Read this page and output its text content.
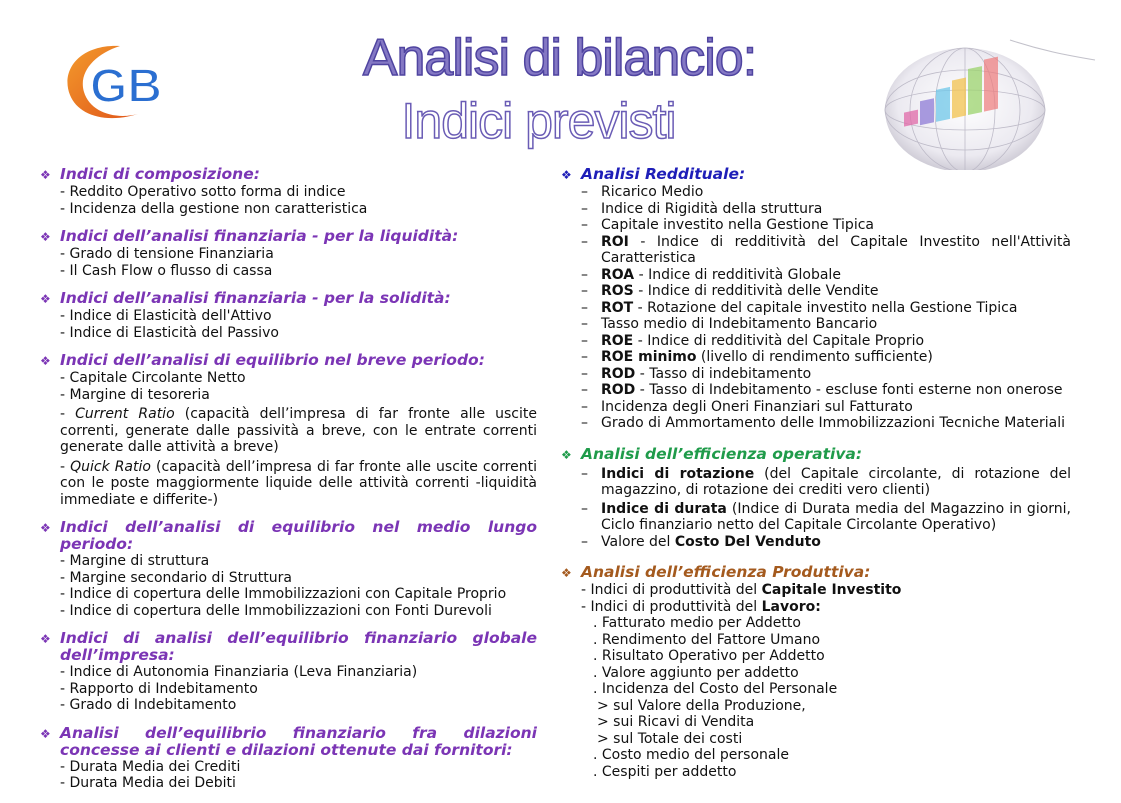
GB	Analisi di bilancio:
Indici previsti
❖ Indici di composizione:
- Reddito Operativo sotto forma di indice
- Incidenza della gestione non caratteristica
❖ Indici dell’analisi finanziaria - per la liquidità:
- Grado di tensione Finanziaria
- Il Cash Flow o flusso di cassa
❖ Indici dell’analisi finanziaria - per la solidità:
- Indice di Elasticità dell'Attivo
- Indice di Elasticità del Passivo
❖ Indici dell’analisi di equilibrio nel breve periodo:
- Capitale Circolante Netto
- Margine di tesoreria
- Current Ratio (capacità dell’impresa di far fronte alle uscite correnti, generate dalle passività a breve, con le entrate correnti generate dalle attività a breve)
- Quick Ratio (capacità dell’impresa di far fronte alle uscite correnti con le poste maggiormente liquide delle attività correnti -liquidità immediate e differite-)
❖ Indici dell’analisi di equilibrio nel medio lungo periodo:
- Margine di struttura
- Margine secondario di Struttura
- Indice di copertura delle Immobilizzazioni con Capitale Proprio
- Indice di copertura delle Immobilizzazioni con Fonti Durevoli
❖ Indici di analisi dell’equilibrio finanziario globale dell’impresa:
- Indice di Autonomia Finanziaria (Leva Finanziaria)
- Rapporto di Indebitamento
- Grado di Indebitamento
❖ Analisi dell’equilibrio finanziario fra dilazioni concesse ai clienti e dilazioni ottenute dai fornitori:
- Durata Media dei Crediti
- Durata Media dei Debiti
❖ Analisi Reddituale:
– Ricarico Medio
– Indice di Rigidità della struttura
– Capitale investito nella Gestione Tipica
– ROI - Indice di redditività del Capitale Investito nell'Attività Caratteristica
– ROA - Indice di redditività Globale
– ROS - Indice di redditività delle Vendite
– ROT - Rotazione del capitale investito nella Gestione Tipica
– Tasso medio di Indebitamento Bancario
– ROE - Indice di redditività del Capitale Proprio
– ROE minimo (livello di rendimento sufficiente)
– ROD - Tasso di indebitamento
– ROD - Tasso di Indebitamento - escluse fonti esterne non onerose
– Incidenza degli Oneri Finanziari sul Fatturato
– Grado di Ammortamento delle Immobilizzazioni Tecniche Materiali
❖ Analisi dell’efficienza operativa:
– Indici di rotazione (del Capitale circolante, di rotazione del magazzino, di rotazione dei crediti vero clienti)
– Indice di durata (Indice di Durata media del Magazzino in giorni, Ciclo finanziario netto del Capitale Circolante Operativo)
– Valore del Costo Del Venduto
❖ Analisi dell’efficienza Produttiva:
- Indici di produttività del Capitale Investito
- Indici di produttività del Lavoro:
. Fatturato medio per Addetto
. Rendimento del Fattore Umano
. Risultato Operativo per Addetto
. Valore aggiunto per addetto
. Incidenza del Costo del Personale
> sul Valore della Produzione,
> sui Ricavi di Vendita
> sul Totale dei costi
. Costo medio del personale
. Cespiti per addetto
